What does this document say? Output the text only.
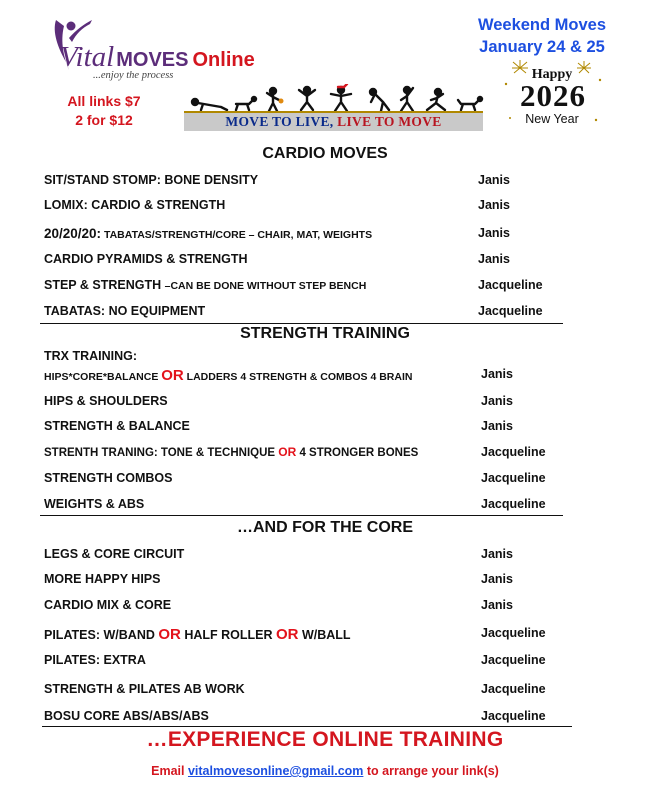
Vital MOVES Online
...enjoy the process
Weekend Moves
January 24 & 25
All links $7
2 for $12	MOVE TO LIVE, LIVE TO MOVE
Happy
2026
New Year
CARDIO MOVES
SIT/STAND STOMP: BONE DENSITY	Janis
LOMIX: CARDIO & STRENGTH	Janis
20/20/20: TABATAS/STRENGTH/CORE – CHAIR, MAT, WEIGHTS	Janis
CARDIO PYRAMIDS & STRENGTH	Janis
STEP & STRENGTH –CAN BE DONE WITHOUT STEP BENCH	Jacqueline
TABATAS: NO EQUIPMENT	Jacqueline
STRENGTH TRAINING
TRX TRAINING:
HIPS*CORE*BALANCE OR LADDERS 4 STRENGTH & COMBOS 4 BRAIN	Janis
HIPS & SHOULDERS	Janis
STRENGTH & BALANCE	Janis
STRENTH TRANING: TONE & TECHNIQUE OR 4 STRONGER BONES	Jacqueline
STRENGTH COMBOS	Jacqueline
WEIGHTS & ABS	Jacqueline
…AND FOR THE CORE
LEGS & CORE CIRCUIT	Janis
MORE HAPPY HIPS	Janis
CARDIO MIX & CORE	Janis
PILATES: W/BAND OR HALF ROLLER OR W/BALL	Jacqueline
PILATES: EXTRA	Jacqueline
STRENGTH & PILATES AB WORK	Jacqueline
BOSU CORE ABS/ABS/ABS	Jacqueline
…EXPERIENCE ONLINE TRAINING
Email vitalmovesonline@gmail.com to arrange your link(s)
